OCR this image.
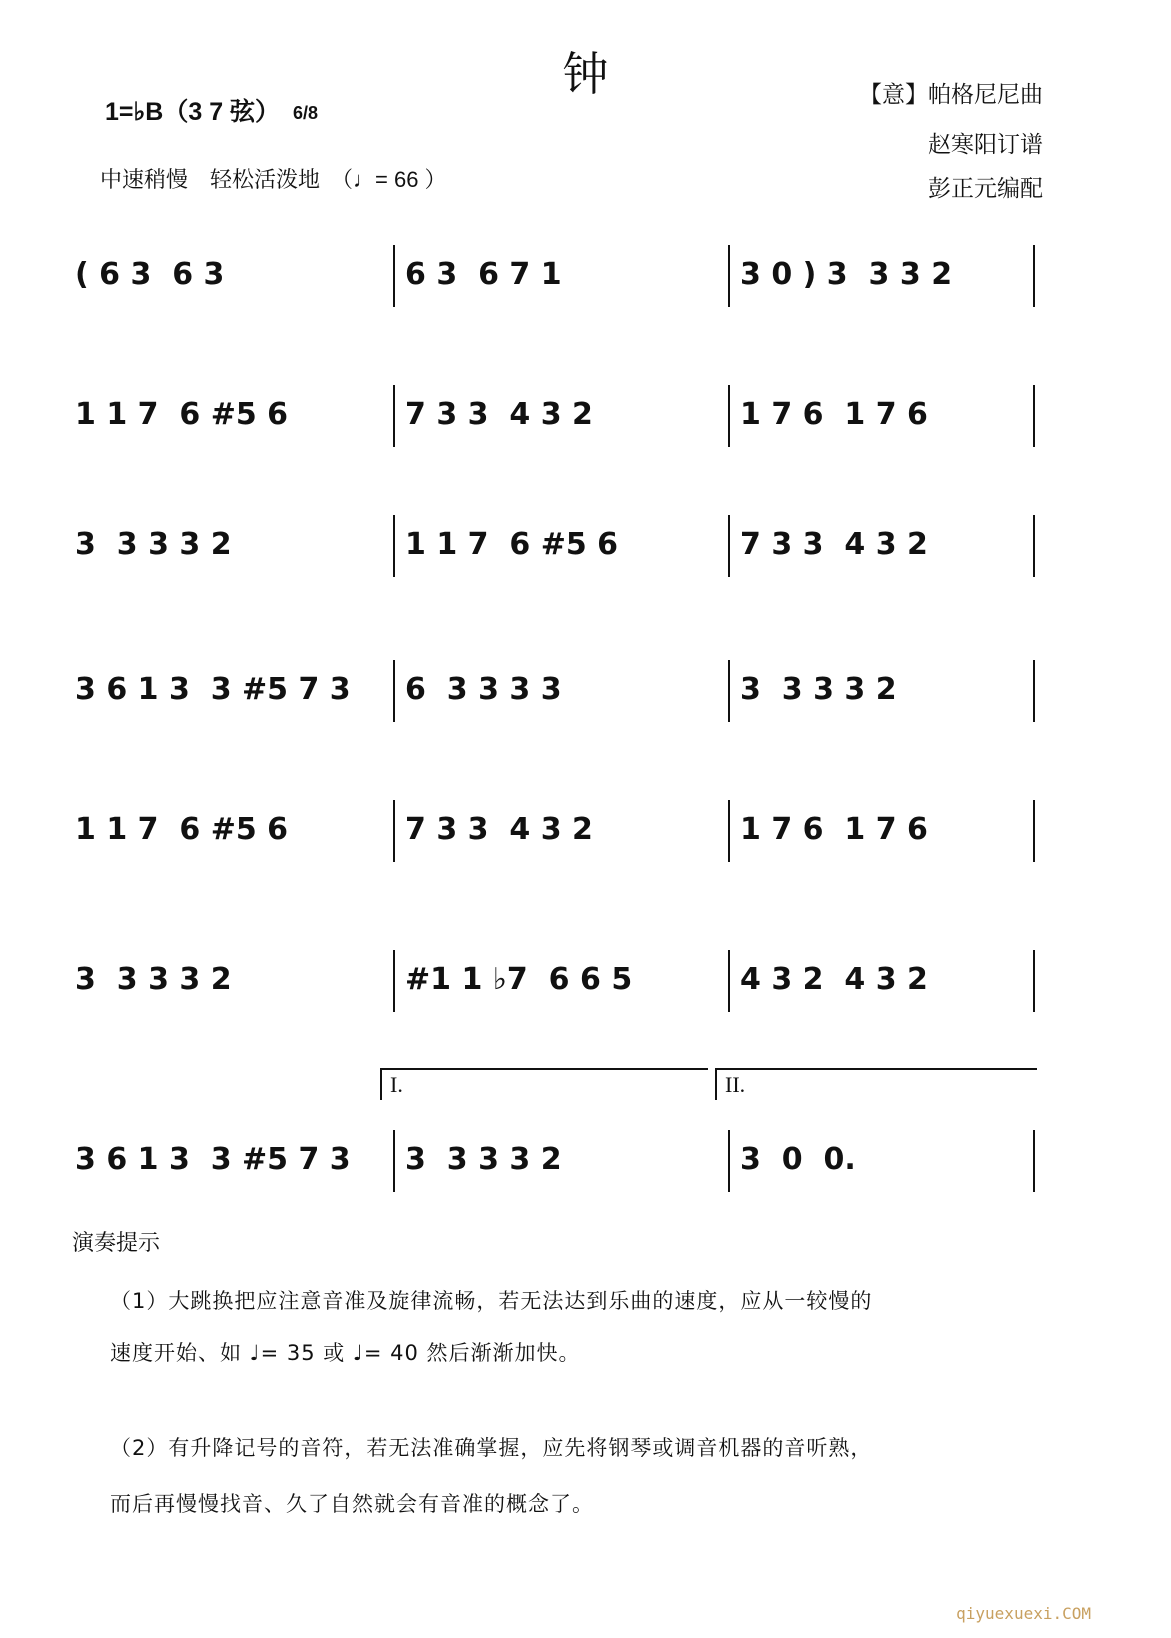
钟
1=♭B（3 7 弦） 6/8
中速稍慢　轻松活泼地　（♩= 66 ）
【意】帕格尼尼曲
赵寒阳订谱
彭正元编配
( 6 3  6 3	6 3  6 7 1	3 0 ) 3  3 3 2
1 1 7  6 #5 6	7 3 3  4 3 2	1 7 6  1 7 6
3  3 3 3 2	1 1 7  6 #5 6	7 3 3  4 3 2
3 6 1 3  3 #5 7 3	6  3 3 3 3	3  3 3 3 2
1 1 7  6 #5 6	7 3 3  4 3 2	1 7 6  1 7 6
3  3 3 3 2	#1 1 ♭7  6 6 5	4 3 2  4 3 2
3 6 1 3  3 #5 7 3	3  3 3 3 2	3  0  0.
I.	II.
演奏提示
（1）大跳换把应注意音准及旋律流畅，若无法达到乐曲的速度，应从一较慢的
速度开始、如 ♩= 35 或 ♩= 40 然后渐渐加快。
（2）有升降记号的音符，若无法准确掌握，应先将钢琴或调音机器的音听熟，
而后再慢慢找音、久了自然就会有音准的概念了。
qiyuexuexi.COM
